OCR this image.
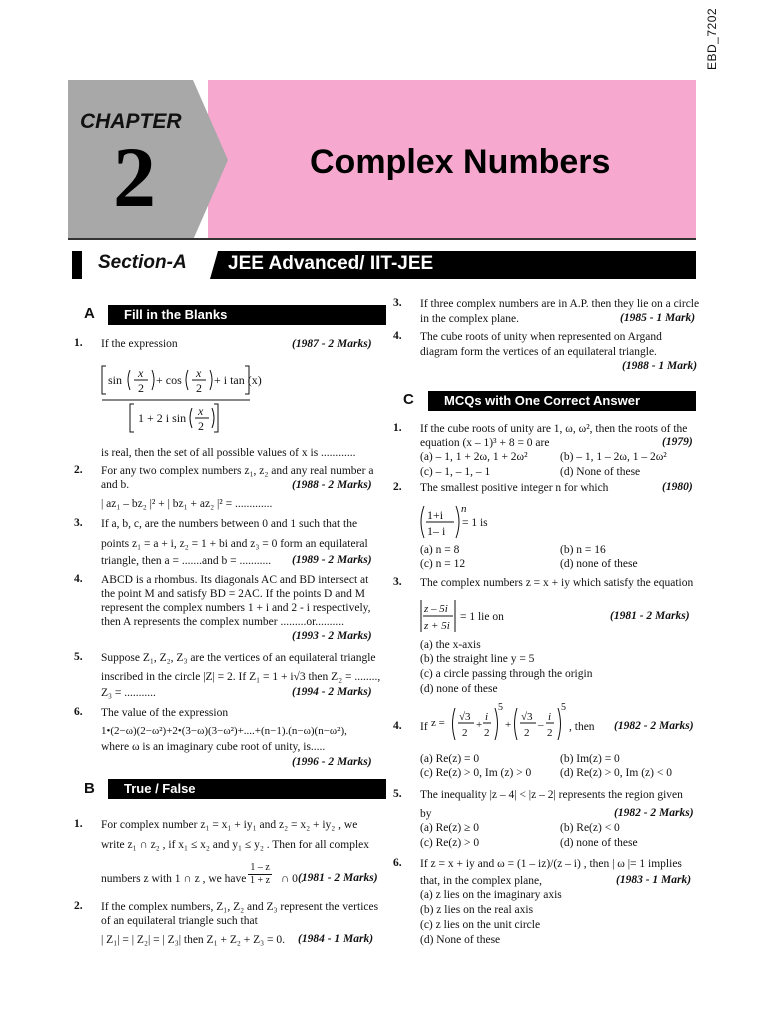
EBD_7202
CHAPTER
2	Complex Numbers
Section-A JEE Advanced/ IIT-JEE
A	Fill in the Blanks
1. If the expression	(1987 - 2 Marks)
sin x
2
+ cos x
2
+ i tan (x)
1 + 2 i sin x
2
is real, then the set of all possible values of x is ............
2. For any two complex numbers z₁, z₂ and any real number a and b.	(1988 - 2 Marks)
| az₁ – bz₂ |² + | bz₁ + az₂ |² = .............
3. If a, b, c, are the numbers between 0 and 1 such that the
points z₁ = a + i, z₂ = 1 + bi and z₃ = 0 form an equilateral
triangle, then a = .......and b = ........... (1989 - 2 Marks)
4. ABCD is a rhombus. Its diagonals AC and BD intersect at
the point M and satisfy BD = 2AC. If the points D and M
represent the complex numbers 1 + i and 2 - i respectively,
then A represents the complex number .........or..........
(1993 - 2 Marks)
5. Suppose Z₁, Z₂, Z₃ are the vertices of an equilateral triangle
inscribed in the circle |Z| = 2. If Z₁ = 1 + i√3 then Z₂ = ........,
Z₃ = ...........	(1994 - 2 Marks)
6. The value of the expression
1•(2−ω)(2−ω²)+2•(3−ω)(3−ω²)+....+(n−1).(n−ω)(n−ω²),
where ω is an imaginary cube root of unity, is.....
(1996 - 2 Marks)
B	True / False
1. For complex number z₁ = x₁ + iy₁ and z₂ = x₂ + iy₂ , we
write z₁ ∩ z₂ , if x₁ ≤ x₂ and y₁ ≤ y₂ . Then for all complex
numbers z with 1 ∩ z , we have
1 – z
1 + z ∩ 0 .
(1981 - 2 Marks)
2. If the complex numbers, Z₁, Z₂ and Z₃ represent the vertices
of an equilateral triangle such that
| Z₁| = | Z₂| = | Z₃| then Z₁ + Z₂ + Z₃ = 0. (1984 - 1 Mark)
3. If three complex numbers are in A.P. then they lie on a circle
in the complex plane.	(1985 - 1 Mark)
4. The cube roots of unity when represented on Argand
diagram form the vertices of an equilateral triangle.
(1988 - 1 Mark)
C	MCQs with One Correct Answer
1. If the cube roots of unity are 1, ω, ω², then the roots of the
equation (x – 1)³ + 8 = 0 are	(1979)
(a) – 1, 1 + 2ω, 1 + 2ω²	(b) – 1, 1 – 2ω, 1 – 2ω²
(c) – 1, – 1, – 1	(d) None of these
2. The smallest positive integer n for which	(1980)
1+i
1– i
n
= 1 is
(a) n = 8	(b) n = 16
(c) n = 12	(d) none of these
3. The complex numbers z = x + iy which satisfy the equation
z – 5i
z + 5i
= 1 lie on	(1981 - 2 Marks)
(a) the x-axis
(b) the straight line y = 5
(c) a circle passing through the origin
(d) none of these
4. If z = √3
2
+
i
2
5
+
√3
2
–
i
2
5
, then (1982 - 2 Marks)
(a) Re(z) = 0	(b) Im(z) = 0
(c) Re(z) > 0, Im (z) > 0 (d) Re(z) > 0, Im (z) < 0
5. The inequality |z – 4| < |z – 2| represents the region given
by	(1982 - 2 Marks)
(a) Re(z) ≥ 0	(b) Re(z) < 0
(c) Re(z) > 0	(d) none of these
6. If z = x + iy and ω = (1 – iz)/(z – i) , then | ω |= 1 implies
that, in the complex plane,	(1983 - 1 Mark)
(a) z lies on the imaginary axis
(b) z lies on the real axis
(c) z lies on the unit circle
(d) None of these
